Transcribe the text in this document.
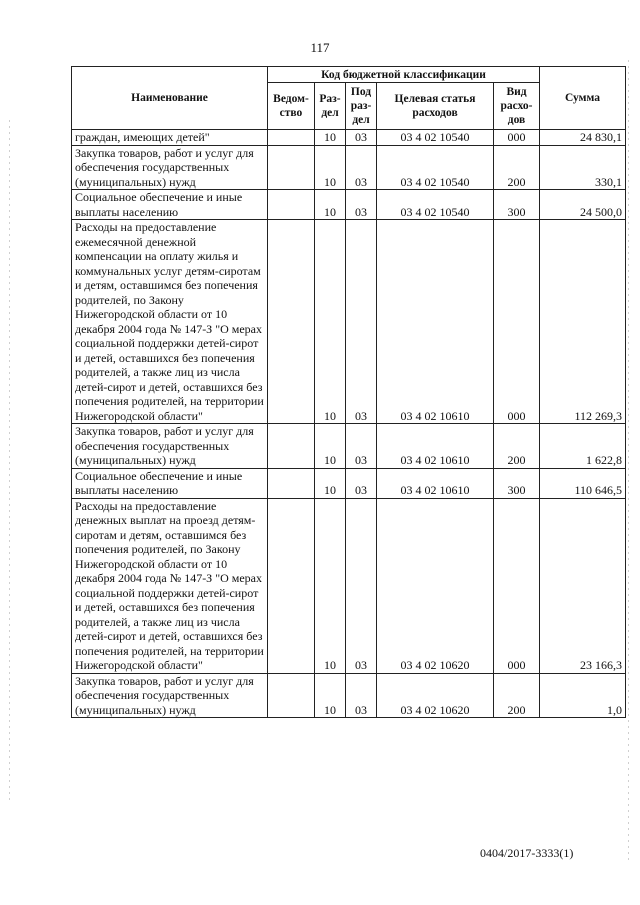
117
Наименование	Код бюджетной классификации					Сумма
	Ведом-ство	Раз-дел	Под раз-дел	Целевая статья расходов	Вид расхо-дов	
граждан, имеющих детей"		10	03	03 4 02 10540	000	24 830,1
Закупка товаров, работ и услуг для обеспечения государственных (муниципальных) нужд		10	03	03 4 02 10540	200	330,1
Социальное обеспечение и иные выплаты населению		10	03	03 4 02 10540	300	24 500,0
Расходы на предоставление ежемесячной денежной компенсации на оплату жилья и коммунальных услуг детям-сиротам и детям, оставшимся без попечения родителей, по Закону Нижегородской области от 10 декабря 2004 года № 147-З "О мерах социальной поддержки детей-сирот и детей, оставшихся без попечения родителей, а также лиц из числа детей-сирот и детей, оставшихся без попечения родителей, на территории Нижегородской области"		10	03	03 4 02 10610	000	112 269,3
Закупка товаров, работ и услуг для обеспечения государственных (муниципальных) нужд		10	03	03 4 02 10610	200	1 622,8
Социальное обеспечение и иные выплаты населению		10	03	03 4 02 10610	300	110 646,5
Расходы на предоставление денежных выплат на проезд детям-сиротам и детям, оставшимся без попечения родителей, по Закону Нижегородской области от 10 декабря 2004 года № 147-З "О мерах социальной поддержки детей-сирот и детей, оставшихся без попечения родителей, а также лиц из числа детей-сирот и детей, оставшихся без попечения родителей, на территории Нижегородской области"		10	03	03 4 02 10620	000	23 166,3
Закупка товаров, работ и услуг для обеспечения государственных (муниципальных) нужд		10	03	03 4 02 10620	200	1,0
0404/2017-3333(1)
